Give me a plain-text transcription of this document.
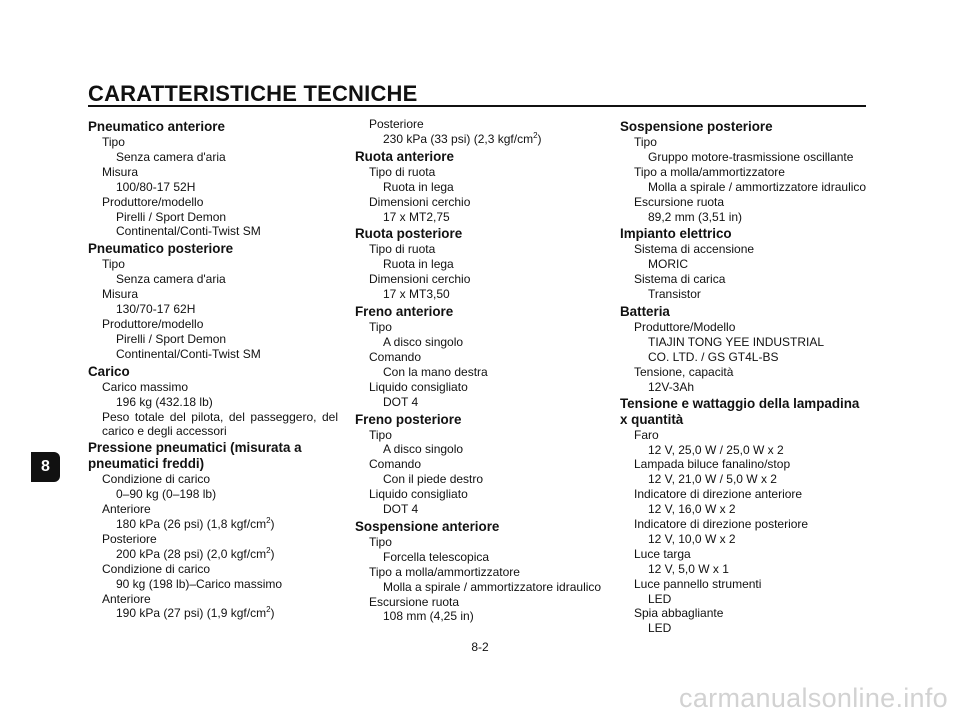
CARATTERISTICHE TECNICHE
8
Pneumatico anteriore
Tipo
Senza camera d'aria
Misura
100/80-17 52H
Produttore/modello
Pirelli / Sport Demon
Continental/Conti-Twist SM
Pneumatico posteriore
Tipo
Senza camera d'aria
Misura
130/70-17 62H
Produttore/modello
Pirelli / Sport Demon
Continental/Conti-Twist SM
Carico
Carico massimo
196 kg (432.18 lb)
Peso totale del pilota, del passeggero, del
carico e degli accessori
Pressione pneumatici (misurata a
pneumatici freddi)
Condizione di carico
0–90 kg (0–198 lb)
Anteriore
180 kPa (26 psi) (1,8 kgf/$cm^2$)
Posteriore
200 kPa (28 psi) (2,0 kgf/$cm^2$)
Condizione di carico
90 kg (198 lb)–Carico massimo
Anteriore
190 kPa (27 psi) (1,9 kgf/$cm^2$)
Posteriore
230 kPa (33 psi) (2,3 kgf/$cm^2$)
Ruota anteriore
Tipo di ruota
Ruota in lega
Dimensioni cerchio
17 x MT2,75
Ruota posteriore
Tipo di ruota
Ruota in lega
Dimensioni cerchio
17 x MT3,50
Freno anteriore
Tipo
A disco singolo
Comando
Con la mano destra
Liquido consigliato
DOT 4
Freno posteriore
Tipo
A disco singolo
Comando
Con il piede destro
Liquido consigliato
DOT 4
Sospensione anteriore
Tipo
Forcella telescopica
Tipo a molla/ammortizzatore
Molla a spirale / ammortizzatore idraulico
Escursione ruota
108 mm (4,25 in)
Sospensione posteriore
Tipo
Gruppo motore-trasmissione oscillante
Tipo a molla/ammortizzatore
Molla a spirale / ammortizzatore idraulico
Escursione ruota
89,2 mm (3,51 in)
Impianto elettrico
Sistema di accensione
MORIC
Sistema di carica
Transistor
Batteria
Produttore/Modello
TIAJIN TONG YEE INDUSTRIAL
CO. LTD. / GS GT4L-BS
Tensione, capacità
12V-3Ah
Tensione e wattaggio della lampadina
x quantità
Faro
12 V, 25,0 W / 25,0 W x 2
Lampada biluce fanalino/stop
12 V, 21,0 W / 5,0 W x 2
Indicatore di direzione anteriore
12 V, 16,0 W x 2
Indicatore di direzione posteriore
12 V, 10,0 W x 2
Luce targa
12 V, 5,0 W x 1
Luce pannello strumenti
LED
Spia abbagliante
LED
8-2
carmanualsonline.info
